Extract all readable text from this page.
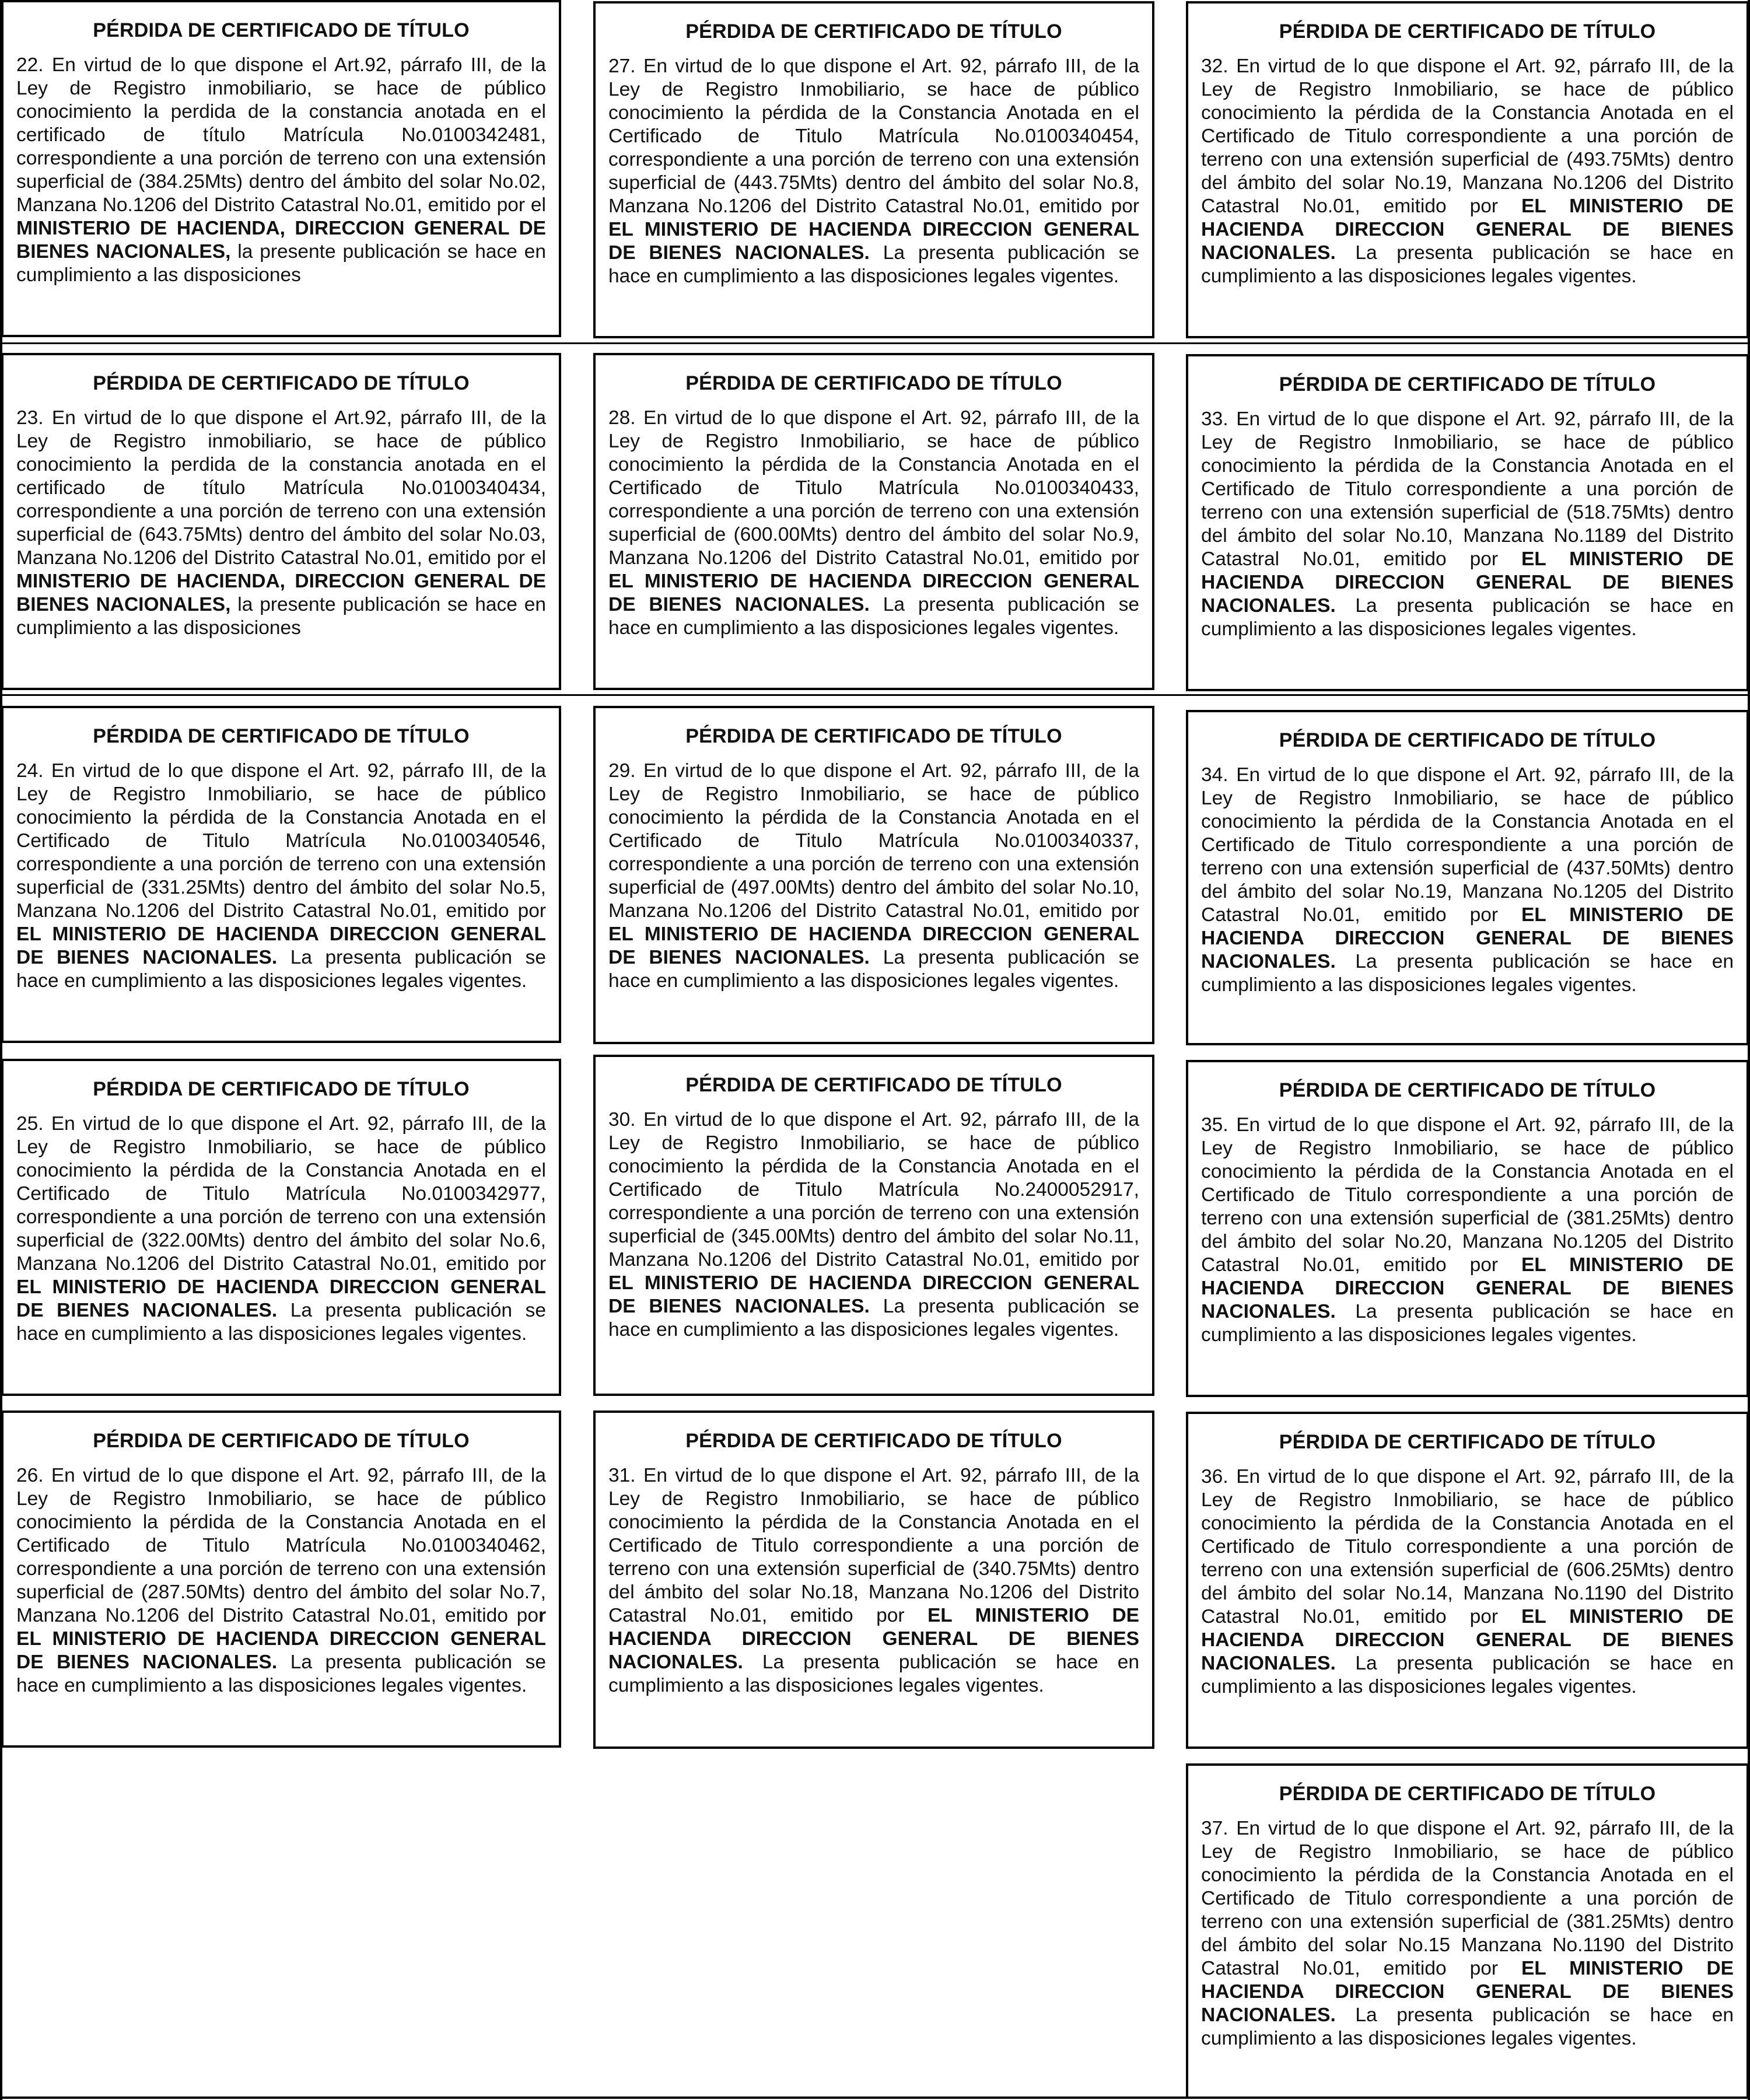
PÉRDIDA DE CERTIFICADO DE TÍTULO

22. En virtud de lo que dispone el Art.92, párrafo III, de la Ley de Registro inmobiliario, se hace de público conocimiento la perdida de la constancia anotada en el certificado de título Matrícula No.0100342481, correspondiente a una porción de terreno con una extensión superficial de (384.25Mts) dentro del ámbito del solar No.02, Manzana No.1206 del Distrito Catastral No.01, emitido por el MINISTERIO DE HACIENDA, DIRECCION GENERAL DE BIENES NACIONALES, la presente publicación se hace en cumplimiento a las disposiciones

PÉRDIDA DE CERTIFICADO DE TÍTULO

23. En virtud de lo que dispone el Art.92, párrafo III, de la Ley de Registro inmobiliario, se hace de público conocimiento la perdida de la constancia anotada en el certificado de título Matrícula No.0100340434, correspondiente a una porción de terreno con una extensión superficial de (643.75Mts) dentro del ámbito del solar No.03, Manzana No.1206 del Distrito Catastral No.01, emitido por el MINISTERIO DE HACIENDA, DIRECCION GENERAL DE BIENES NACIONALES, la presente publicación se hace en cumplimiento a las disposiciones

PÉRDIDA DE CERTIFICADO DE TÍTULO

24. En virtud de lo que dispone el Art. 92, párrafo III, de la Ley de Registro Inmobiliario, se hace de público conocimiento la pérdida de la Constancia Anotada en el Certificado de Titulo Matrícula No.0100340546, correspondiente a una porción de terreno con una extensión superficial de (331.25Mts) dentro del ámbito del solar No.5, Manzana No.1206 del Distrito Catastral No.01, emitido por EL MINISTERIO DE HACIENDA DIRECCION GENERAL DE BIENES NACIONALES. La presenta publicación se hace en cumplimiento a las disposiciones legales vigentes.

PÉRDIDA DE CERTIFICADO DE TÍTULO

25. En virtud de lo que dispone el Art. 92, párrafo III, de la Ley de Registro Inmobiliario, se hace de público conocimiento la pérdida de la Constancia Anotada en el Certificado de Titulo Matrícula No.0100342977, correspondiente a una porción de terreno con una extensión superficial de (322.00Mts) dentro del ámbito del solar No.6, Manzana No.1206 del Distrito Catastral No.01, emitido por EL MINISTERIO DE HACIENDA DIRECCION GENERAL DE BIENES NACIONALES. La presenta publicación se hace en cumplimiento a las disposiciones legales vigentes.

PÉRDIDA DE CERTIFICADO DE TÍTULO

26. En virtud de lo que dispone el Art. 92, párrafo III, de la Ley de Registro Inmobiliario, se hace de público conocimiento la pérdida de la Constancia Anotada en el Certificado de Titulo Matrícula No.0100340462, correspondiente a una porción de terreno con una extensión superficial de (287.50Mts) dentro del ámbito del solar No.7, Manzana No.1206 del Distrito Catastral No.01, emitido por EL MINISTERIO DE HACIENDA DIRECCION GENERAL DE BIENES NACIONALES. La presenta publicación se hace en cumplimiento a las disposiciones legales vigentes.

PÉRDIDA DE CERTIFICADO DE TÍTULO

27. En virtud de lo que dispone el Art. 92, párrafo III, de la Ley de Registro Inmobiliario, se hace de público conocimiento la pérdida de la Constancia Anotada en el Certificado de Titulo Matrícula No.0100340454, correspondiente a una porción de terreno con una extensión superficial de (443.75Mts) dentro del ámbito del solar No.8, Manzana No.1206 del Distrito Catastral No.01, emitido por EL MINISTERIO DE HACIENDA DIRECCION GENERAL DE BIENES NACIONALES. La presenta publicación se hace en cumplimiento a las disposiciones legales vigentes.

PÉRDIDA DE CERTIFICADO DE TÍTULO

28. En virtud de lo que dispone el Art. 92, párrafo III, de la Ley de Registro Inmobiliario, se hace de público conocimiento la pérdida de la Constancia Anotada en el Certificado de Titulo Matrícula No.0100340433, correspondiente a una porción de terreno con una extensión superficial de (600.00Mts) dentro del ámbito del solar No.9, Manzana No.1206 del Distrito Catastral No.01, emitido por EL MINISTERIO DE HACIENDA DIRECCION GENERAL DE BIENES NACIONALES. La presenta publicación se hace en cumplimiento a las disposiciones legales vigentes.

PÉRDIDA DE CERTIFICADO DE TÍTULO

29. En virtud de lo que dispone el Art. 92, párrafo III, de la Ley de Registro Inmobiliario, se hace de público conocimiento la pérdida de la Constancia Anotada en el Certificado de Titulo Matrícula No.0100340337, correspondiente a una porción de terreno con una extensión superficial de (497.00Mts) dentro del ámbito del solar No.10, Manzana No.1206 del Distrito Catastral No.01, emitido por EL MINISTERIO DE HACIENDA DIRECCION GENERAL DE BIENES NACIONALES. La presenta publicación se hace en cumplimiento a las disposiciones legales vigentes.

PÉRDIDA DE CERTIFICADO DE TÍTULO

30. En virtud de lo que dispone el Art. 92, párrafo III, de la Ley de Registro Inmobiliario, se hace de público conocimiento la pérdida de la Constancia Anotada en el Certificado de Titulo Matrícula No.2400052917, correspondiente a una porción de terreno con una extensión superficial de (345.00Mts) dentro del ámbito del solar No.11, Manzana No.1206 del Distrito Catastral No.01, emitido por EL MINISTERIO DE HACIENDA DIRECCION GENERAL DE BIENES NACIONALES. La presenta publicación se hace en cumplimiento a las disposiciones legales vigentes.

PÉRDIDA DE CERTIFICADO DE TÍTULO

31. En virtud de lo que dispone el Art. 92, párrafo III, de la Ley de Registro Inmobiliario, se hace de público conocimiento la pérdida de la Constancia Anotada en el Certificado de Titulo correspondiente a una porción de terreno con una extensión superficial de (340.75Mts) dentro del ámbito del solar No.18, Manzana No.1206 del Distrito Catastral No.01, emitido por EL MINISTERIO DE HACIENDA DIRECCION GENERAL DE BIENES NACIONALES. La presenta publicación se hace en cumplimiento a las disposiciones legales vigentes.

PÉRDIDA DE CERTIFICADO DE TÍTULO

32. En virtud de lo que dispone el Art. 92, párrafo III, de la Ley de Registro Inmobiliario, se hace de público conocimiento la pérdida de la Constancia Anotada en el Certificado de Titulo correspondiente a una porción de terreno con una extensión superficial de (493.75Mts) dentro del ámbito del solar No.19, Manzana No.1206 del Distrito Catastral No.01, emitido por EL MINISTERIO DE HACIENDA DIRECCION GENERAL DE BIENES NACIONALES. La presenta publicación se hace en cumplimiento a las disposiciones legales vigentes.

PÉRDIDA DE CERTIFICADO DE TÍTULO

33. En virtud de lo que dispone el Art. 92, párrafo III, de la Ley de Registro Inmobiliario, se hace de público conocimiento la pérdida de la Constancia Anotada en el Certificado de Titulo correspondiente a una porción de terreno con una extensión superficial de (518.75Mts) dentro del ámbito del solar No.10, Manzana No.1189 del Distrito Catastral No.01, emitido por EL MINISTERIO DE HACIENDA DIRECCION GENERAL DE BIENES NACIONALES. La presenta publicación se hace en cumplimiento a las disposiciones legales vigentes.

PÉRDIDA DE CERTIFICADO DE TÍTULO

34. En virtud de lo que dispone el Art. 92, párrafo III, de la Ley de Registro Inmobiliario, se hace de público conocimiento la pérdida de la Constancia Anotada en el Certificado de Titulo correspondiente a una porción de terreno con una extensión superficial de (437.50Mts) dentro del ámbito del solar No.19, Manzana No.1205 del Distrito Catastral No.01, emitido por EL MINISTERIO DE HACIENDA DIRECCION GENERAL DE BIENES NACIONALES. La presenta publicación se hace en cumplimiento a las disposiciones legales vigentes.

PÉRDIDA DE CERTIFICADO DE TÍTULO

35. En virtud de lo que dispone el Art. 92, párrafo III, de la Ley de Registro Inmobiliario, se hace de público conocimiento la pérdida de la Constancia Anotada en el Certificado de Titulo correspondiente a una porción de terreno con una extensión superficial de (381.25Mts) dentro del ámbito del solar No.20, Manzana No.1205 del Distrito Catastral No.01, emitido por EL MINISTERIO DE HACIENDA DIRECCION GENERAL DE BIENES NACIONALES. La presenta publicación se hace en cumplimiento a las disposiciones legales vigentes.

PÉRDIDA DE CERTIFICADO DE TÍTULO

36. En virtud de lo que dispone el Art. 92, párrafo III, de la Ley de Registro Inmobiliario, se hace de público conocimiento la pérdida de la Constancia Anotada en el Certificado de Titulo correspondiente a una porción de terreno con una extensión superficial de (606.25Mts) dentro del ámbito del solar No.14, Manzana No.1190 del Distrito Catastral No.01, emitido por EL MINISTERIO DE HACIENDA DIRECCION GENERAL DE BIENES NACIONALES. La presenta publicación se hace en cumplimiento a las disposiciones legales vigentes.

PÉRDIDA DE CERTIFICADO DE TÍTULO

37. En virtud de lo que dispone el Art. 92, párrafo III, de la Ley de Registro Inmobiliario, se hace de público conocimiento la pérdida de la Constancia Anotada en el Certificado de Titulo correspondiente a una porción de terreno con una extensión superficial de (381.25Mts) dentro del ámbito del solar No.15 Manzana No.1190 del Distrito Catastral No.01, emitido por EL MINISTERIO DE HACIENDA DIRECCION GENERAL DE BIENES NACIONALES. La presenta publicación se hace en cumplimiento a las disposiciones legales vigentes.
